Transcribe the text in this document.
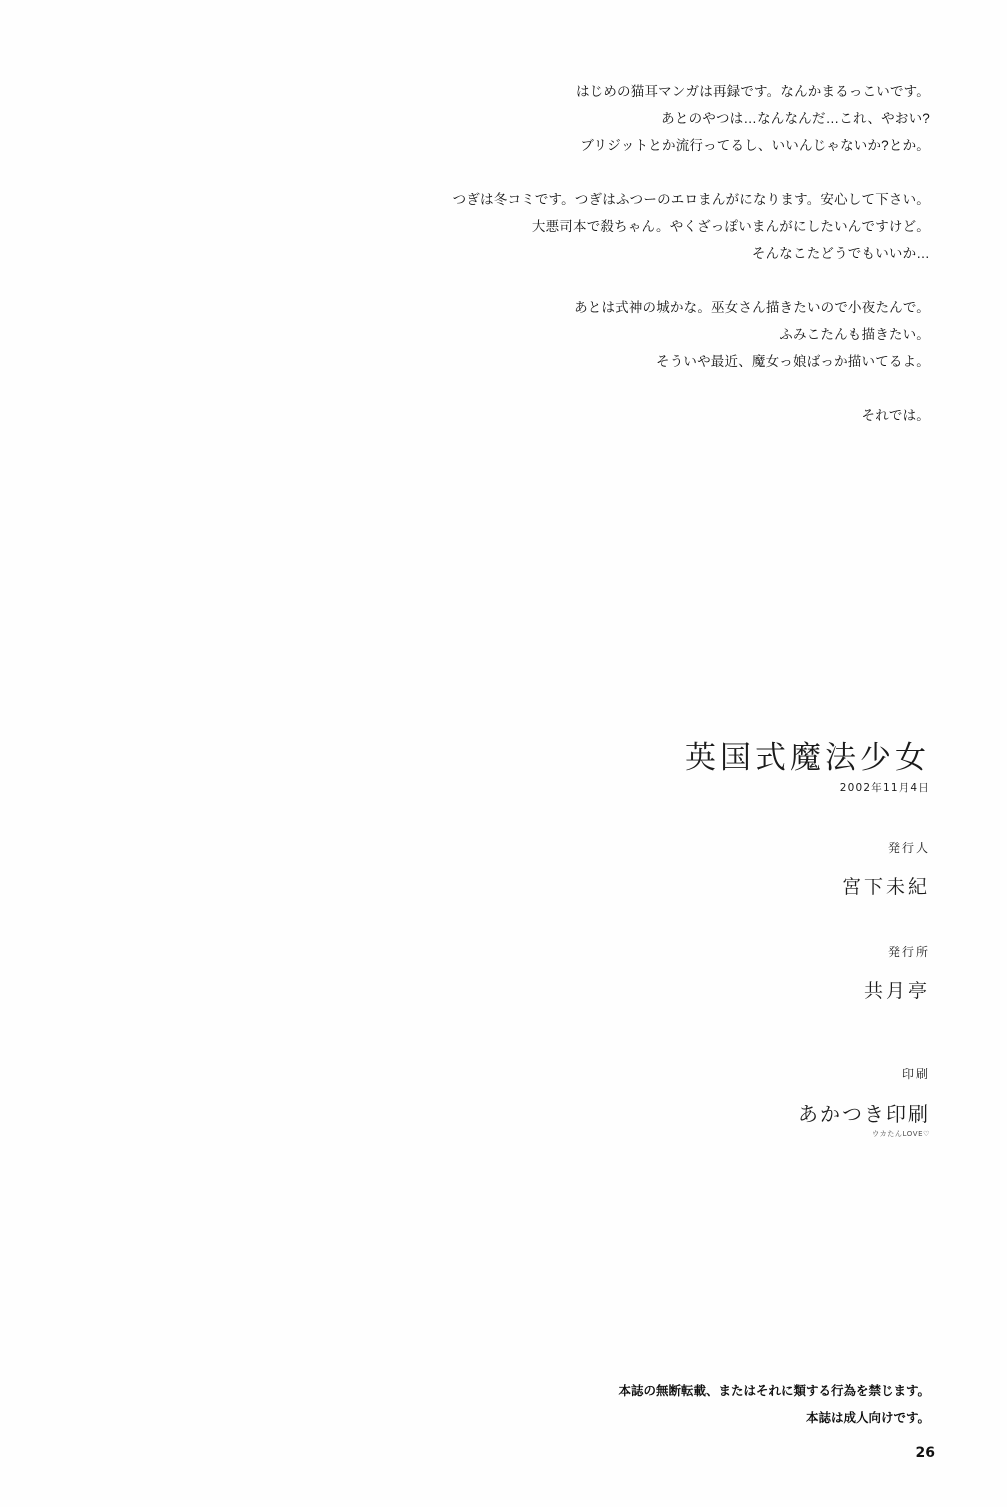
はじめの猫耳マンガは再録です。なんかまるっこいです。

あとのやつは…なんなんだ…これ、やおい?

ブリジットとか流行ってるし、いいんじゃないか?とか。

つぎは冬コミです。つぎはふつーのエロまんがになります。安心して下さい。

大悪司本で殺ちゃん。やくざっぽいまんがにしたいんですけど。

そんなこたどうでもいいか…

あとは式神の城かな。巫女さん描きたいので小夜たんで。

ふみこたんも描きたい。

そういや最近、魔女っ娘ばっか描いてるよ。

それでは。

英国式魔法少女
2002年11月4日
発行人
宮下未紀
発行所
共月亭
印刷
あかつき印刷
ウカたんLOVE♡

本誌の無断転載、またはそれに類する行為を禁じます。

本誌は成人向けです。

26
